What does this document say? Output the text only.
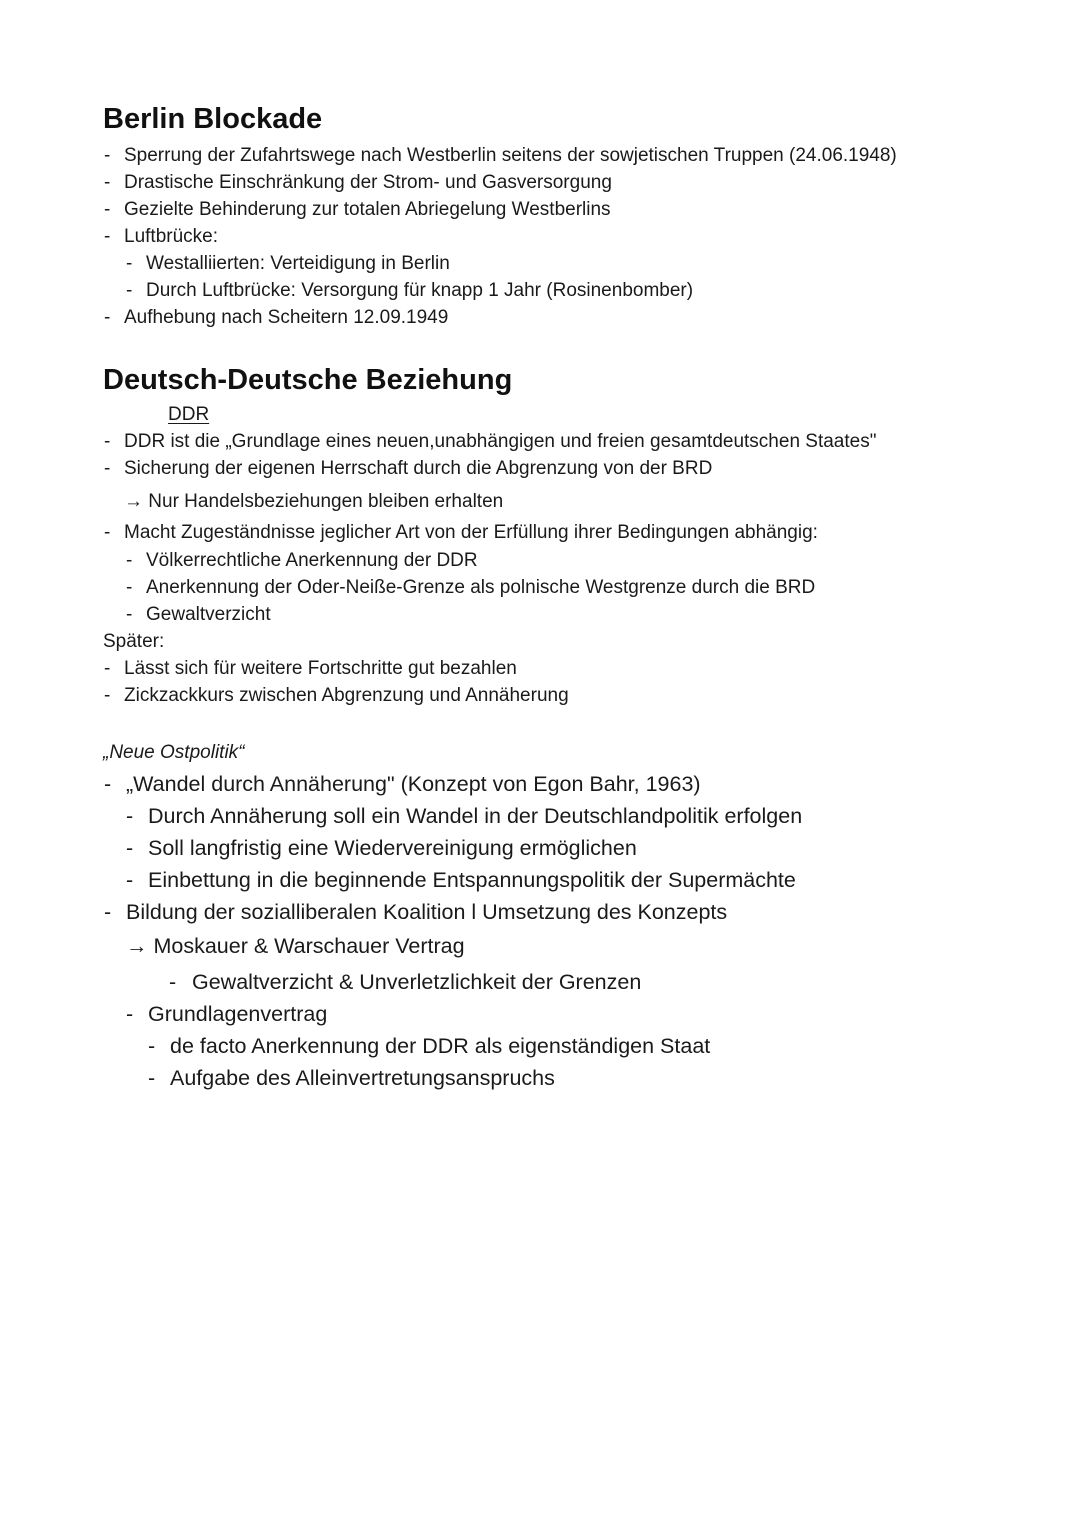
Berlin Blockade
- Sperrung der Zufahrtswege nach Westberlin seitens der sowjetischen Truppen (24.06.1948)
- Drastische Einschränkung der Strom- und Gasversorgung
- Gezielte Behinderung zur totalen Abriegelung Westberlins
- Luftbrücke:
- Westalliierten: Verteidigung in Berlin
- Durch Luftbrücke: Versorgung für knapp 1 Jahr (Rosinenbomber)
- Aufhebung nach Scheitern 12.09.1949
Deutsch-Deutsche Beziehung
DDR
- DDR ist die „Grundlage eines neuen,unabhängigen und freien gesamtdeutschen Staates"
- Sicherung der eigenen Herrschaft durch die Abgrenzung von der BRD
→ Nur Handelsbeziehungen bleiben erhalten
- Macht Zugeständnisse jeglicher Art von der Erfüllung ihrer Bedingungen abhängig:
- Völkerrechtliche Anerkennung der DDR
- Anerkennung der Oder-Neiße-Grenze als polnische Westgrenze durch die BRD
- Gewaltverzicht
Später:
- Lässt sich für weitere Fortschritte gut bezahlen
- Zickzackkurs zwischen Abgrenzung und Annäherung
„Neue Ostpolitik“
- „Wandel durch Annäherung" (Konzept von Egon Bahr, 1963)
- Durch Annäherung soll ein Wandel in der Deutschlandpolitik erfolgen
- Soll langfristig eine Wiedervereinigung ermöglichen
- Einbettung in die beginnende Entspannungspolitik der Supermächte
- Bildung der sozialliberalen Koalition l Umsetzung des Konzepts
→ Moskauer & Warschauer Vertrag
- Gewaltverzicht & Unverletzlichkeit der Grenzen
- Grundlagenvertrag
- de facto Anerkennung der DDR als eigenständigen Staat
- Aufgabe des Alleinvertretungsanspruchs
